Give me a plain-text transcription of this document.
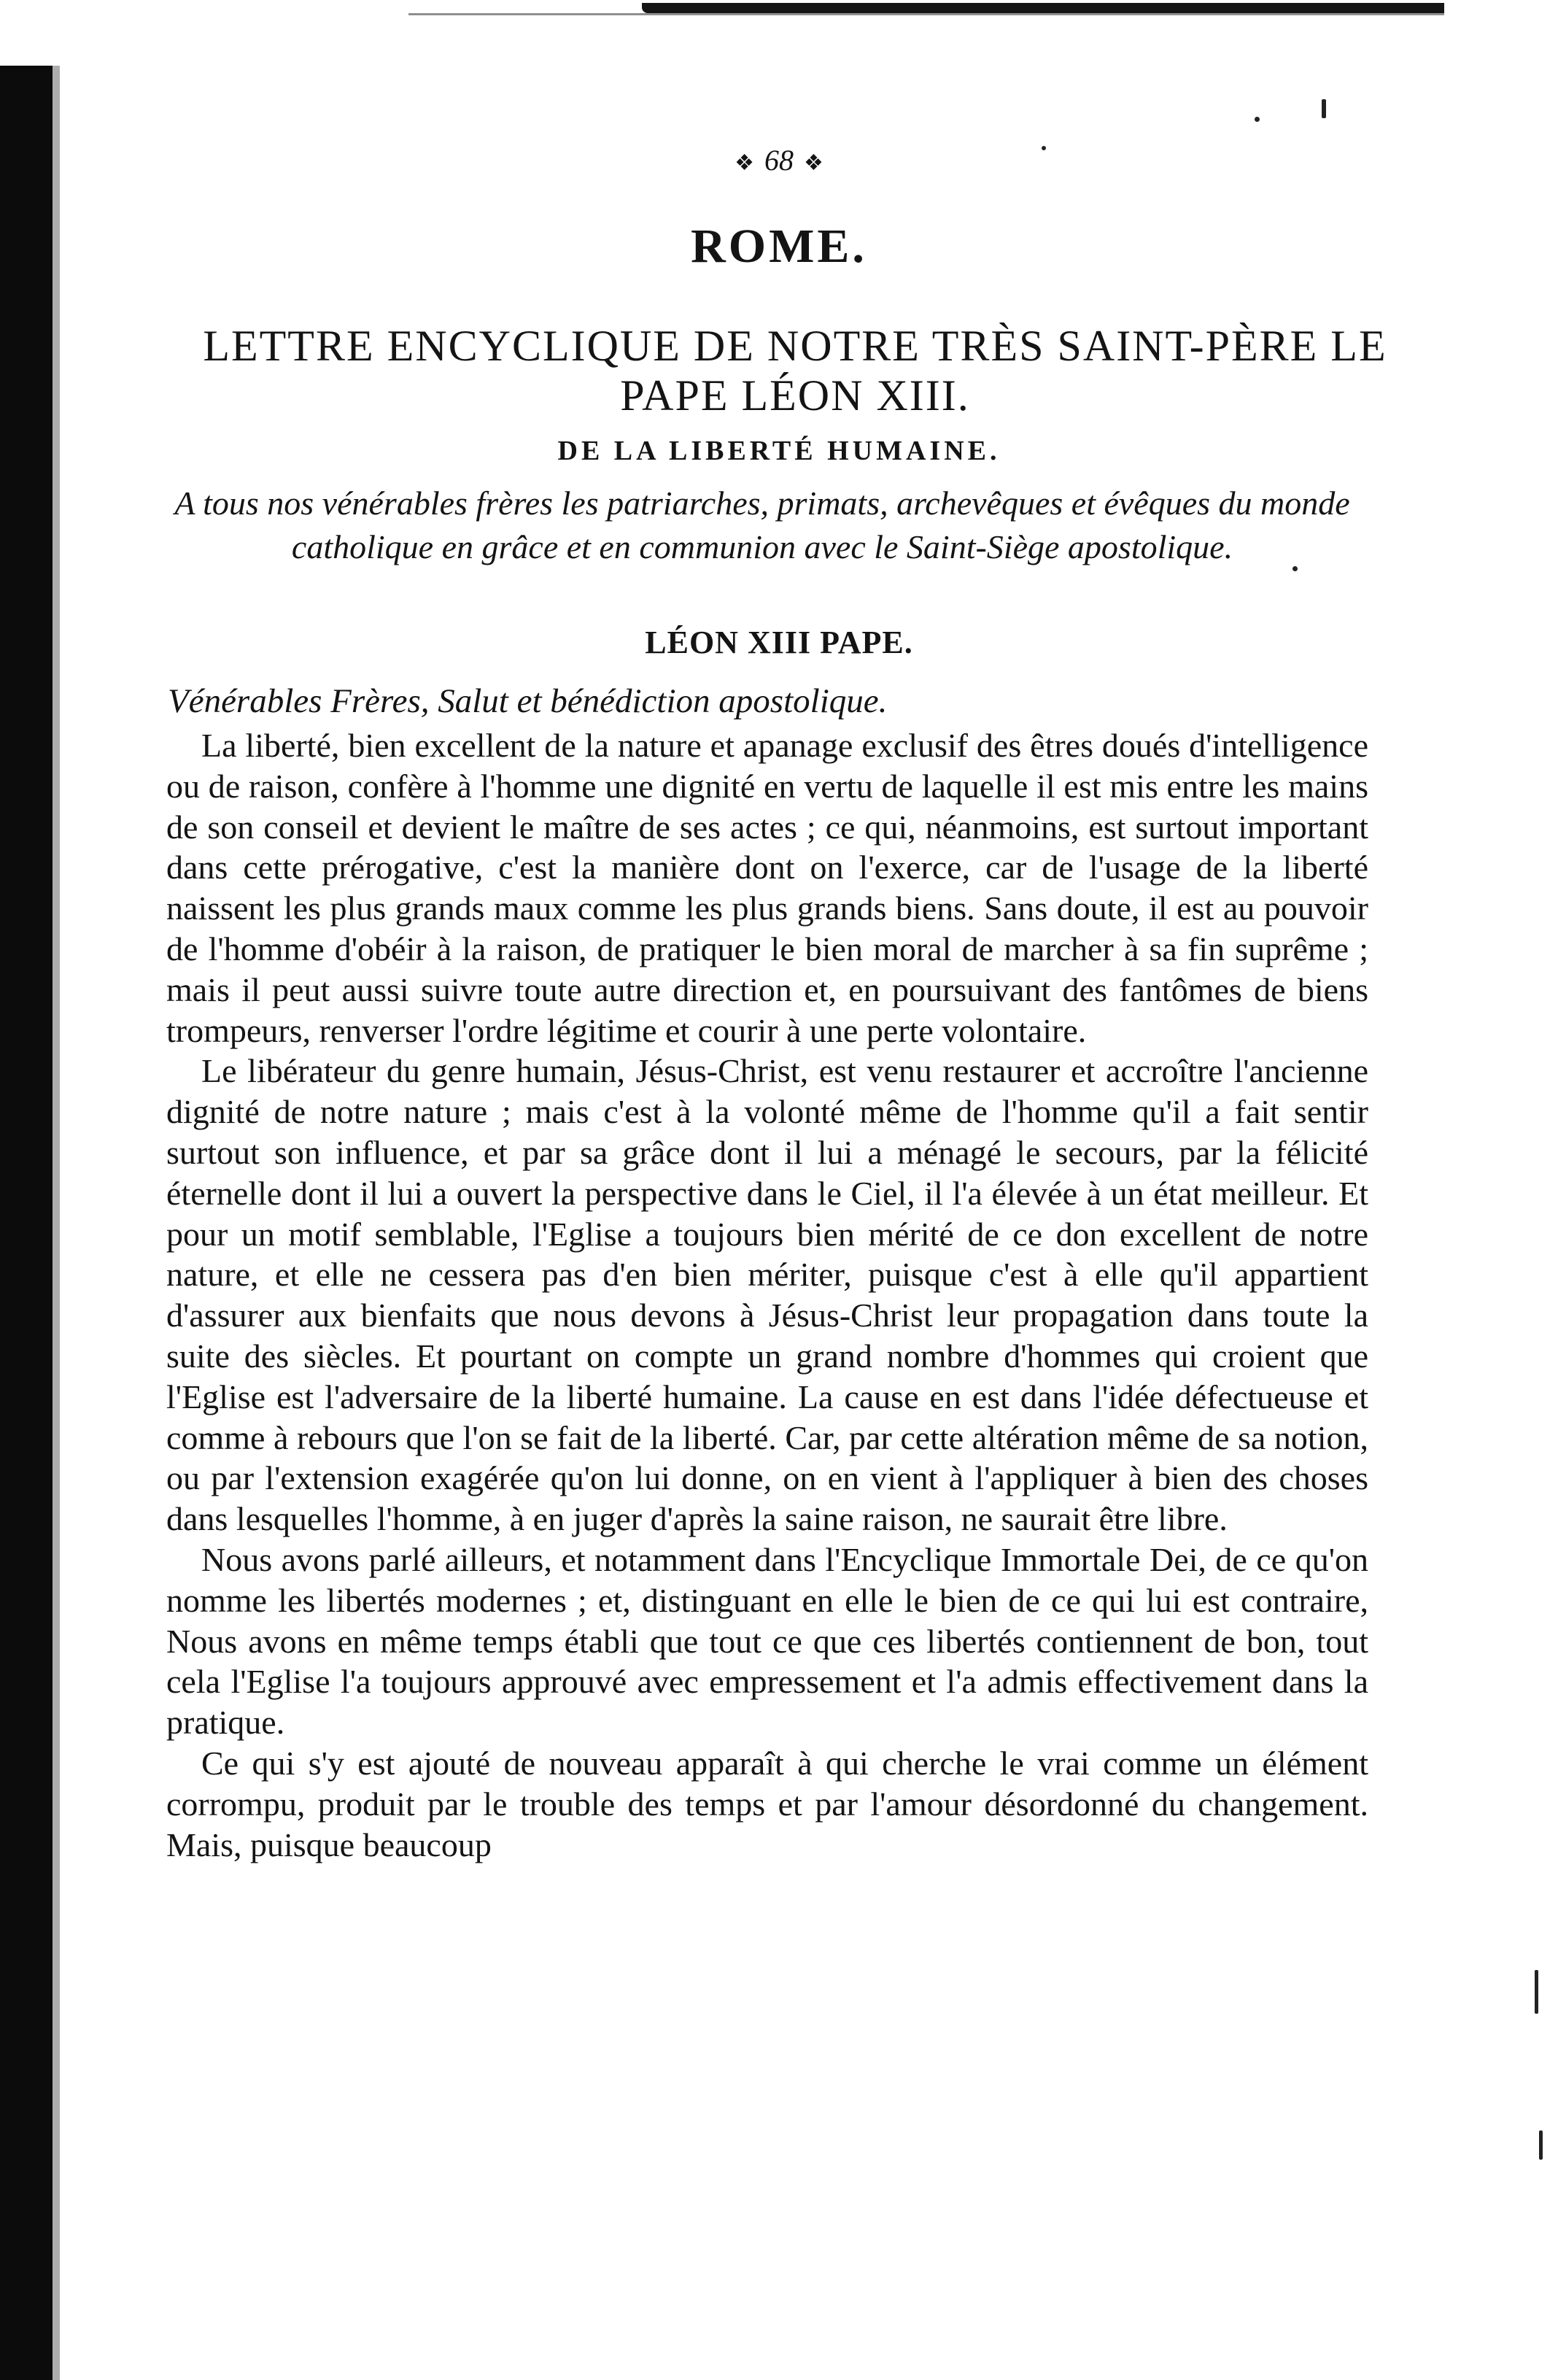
❖ 68 ❖
ROME.
LETTRE ENCYCLIQUE DE NOTRE TRÈS SAINT-PÈRE LE PAPE LÉON XIII.
DE LA LIBERTÉ HUMAINE.
A tous nos vénérables frères les patriarches, primats, archevêques et évêques du monde catholique en grâce et en communion avec le Saint-Siège apostolique.
LÉON XIII PAPE.
Vénérables Frères, Salut et bénédiction apostolique.

La liberté, bien excellent de la nature et apanage exclusif des êtres doués d'intelligence ou de raison, confère à l'homme une dignité en vertu de laquelle il est mis entre les mains de son conseil et devient le maître de ses actes ; ce qui, néanmoins, est surtout important dans cette prérogative, c'est la manière dont on l'exerce, car de l'usage de la liberté naissent les plus grands maux comme les plus grands biens. Sans doute, il est au pouvoir de l'homme d'obéir à la raison, de pratiquer le bien moral de marcher à sa fin suprême ; mais il peut aussi suivre toute autre direction et, en poursuivant des fantômes de biens trompeurs, renverser l'ordre légitime et courir à une perte volontaire.

Le libérateur du genre humain, Jésus-Christ, est venu restaurer et accroître l'ancienne dignité de notre nature ; mais c'est à la volonté même de l'homme qu'il a fait sentir surtout son influence, et par sa grâce dont il lui a ménagé le secours, par la félicité éternelle dont il lui a ouvert la perspective dans le Ciel, il l'a élevée à un état meilleur. Et pour un motif semblable, l'Eglise a toujours bien mérité de ce don excellent de notre nature, et elle ne cessera pas d'en bien mériter, puisque c'est à elle qu'il appartient d'assurer aux bienfaits que nous devons à Jésus-Christ leur propagation dans toute la suite des siècles. Et pourtant on compte un grand nombre d'hommes qui croient que l'Eglise est l'adversaire de la liberté humaine. La cause en est dans l'idée défectueuse et comme à rebours que l'on se fait de la liberté. Car, par cette altération même de sa notion, ou par l'extension exagérée qu'on lui donne, on en vient à l'appliquer à bien des choses dans lesquelles l'homme, à en juger d'après la saine raison, ne saurait être libre.

Nous avons parlé ailleurs, et notamment dans l'Encyclique Immortale Dei, de ce qu'on nomme les libertés modernes ; et, distinguant en elle le bien de ce qui lui est contraire, Nous avons en même temps établi que tout ce que ces libertés contiennent de bon, tout cela l'Eglise l'a toujours approuvé avec empressement et l'a admis effectivement dans la pratique.

Ce qui s'y est ajouté de nouveau apparaît à qui cherche le vrai comme un élément corrompu, produit par le trouble des temps et par l'amour désordonné du changement. Mais, puisque beaucoup
